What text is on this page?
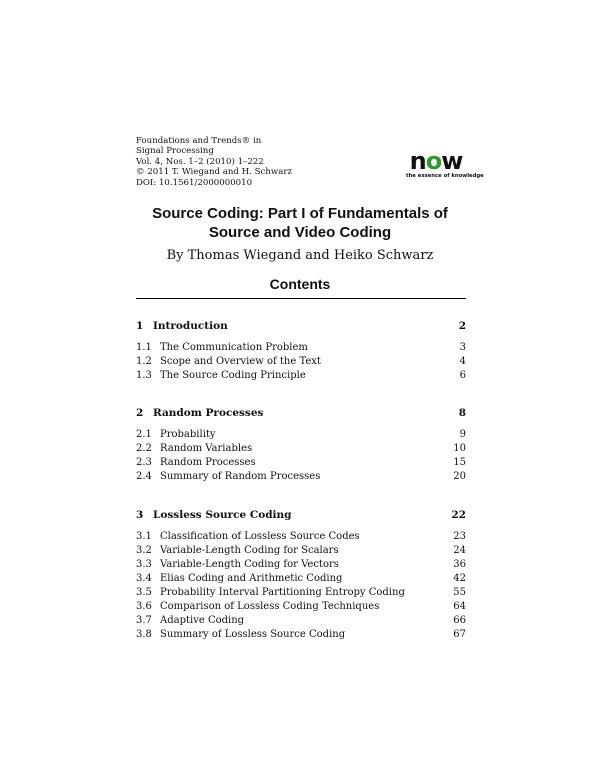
Foundations and Trends® in
Signal Processing
Vol. 4, Nos. 1–2 (2010) 1–222
© 2011 T. Wiegand and H. Schwarz
DOI: 10.1561/2000000010
now
the essence of knowledge
Source Coding: Part I of Fundamentals of
Source and Video Coding
By Thomas Wiegand and Heiko Schwarz
Contents
1 Introduction	2
1.1 The Communication Problem	3
1.2 Scope and Overview of the Text	4
1.3 The Source Coding Principle	6
2 Random Processes	8
2.1 Probability	9
2.2 Random Variables	10
2.3 Random Processes	15
2.4 Summary of Random Processes	20
3 Lossless Source Coding	22
3.1 Classification of Lossless Source Codes	23
3.2 Variable-Length Coding for Scalars	24
3.3 Variable-Length Coding for Vectors	36
3.4 Elias Coding and Arithmetic Coding	42
3.5 Probability Interval Partitioning Entropy Coding	55
3.6 Comparison of Lossless Coding Techniques	64
3.7 Adaptive Coding	66
3.8 Summary of Lossless Source Coding	67
